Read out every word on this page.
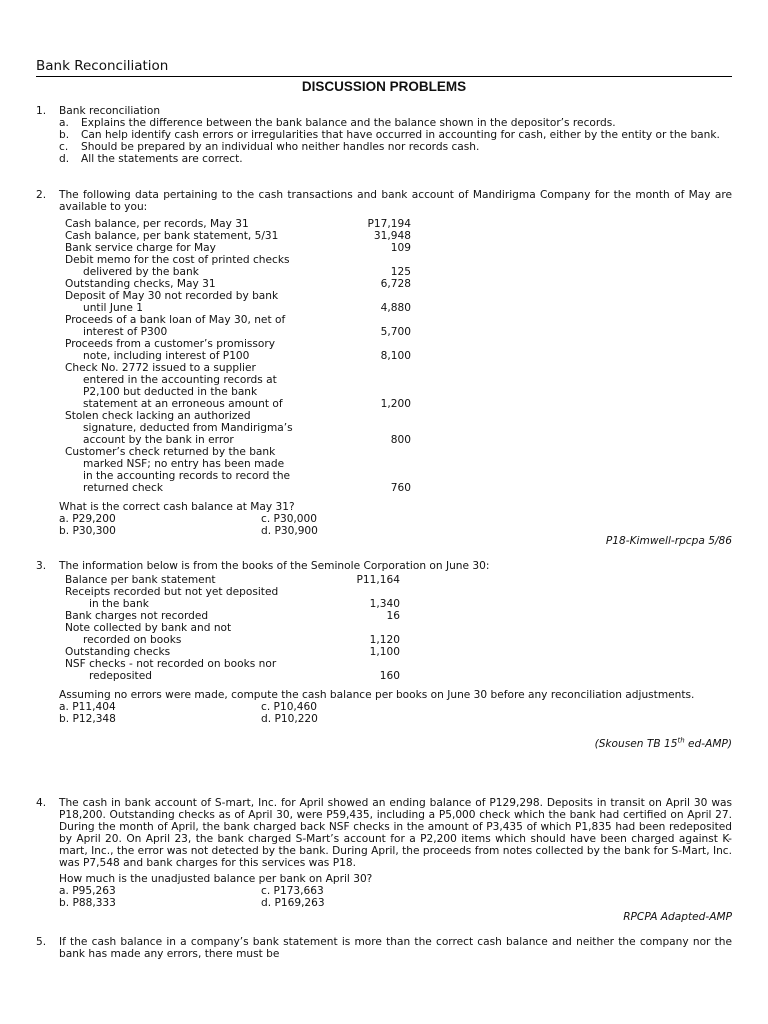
Bank Reconciliation
DISCUSSION PROBLEMS
1. Bank reconciliation
a. Explains the difference between the bank balance and the balance shown in the depositor’s records.
b. Can help identify cash errors or irregularities that have occurred in accounting for cash, either by the entity or the bank.
c. Should be prepared by an individual who neither handles nor records cash.
d. All the statements are correct.
2. The following data pertaining to the cash transactions and bank account of Mandirigma Company for the month of May are available to you:
Cash balance, per records, May 31	P17,194
Cash balance, per bank statement, 5/31	31,948
Bank service charge for May	109
Debit memo for the cost of printed checks
delivered by the bank	125
Outstanding checks, May 31	6,728
Deposit of May 30 not recorded by bank
until June 1	4,880
Proceeds of a bank loan of May 30, net of
interest of P300	5,700
Proceeds from a customer’s promissory
note, including interest of P100	8,100
Check No. 2772 issued to a supplier
entered in the accounting records at
P2,100 but deducted in the bank
statement at an erroneous amount of	1,200
Stolen check lacking an authorized
signature, deducted from Mandirigma’s
account by the bank in error	800
Customer’s check returned by the bank
marked NSF; no entry has been made
in the accounting records to record the
returned check	760
What is the correct cash balance at May 31?
a. P29,200	c. P30,000
b. P30,300	d. P30,900
P18-Kimwell-rpcpa 5/86
3. The information below is from the books of the Seminole Corporation on June 30:
Balance per bank statement	P11,164
Receipts recorded but not yet deposited
in the bank	1,340
Bank charges not recorded	16
Note collected by bank and not
recorded on books	1,120
Outstanding checks	1,100
NSF checks - not recorded on books nor
redeposited	160
Assuming no errors were made, compute the cash balance per books on June 30 before any reconciliation adjustments.
a. P11,404	c. P10,460
b. P12,348	d. P10,220
(Skousen TB 15th ed-AMP)
4. The cash in bank account of S-mart, Inc. for April showed an ending balance of P129,298. Deposits in transit on April 30 was P18,200. Outstanding checks as of April 30, were P59,435, including a P5,000 check which the bank had certified on April 27. During the month of April, the bank charged back NSF checks in the amount of P3,435 of which P1,835 had been redeposited by April 20. On April 23, the bank charged S-Mart’s account for a P2,200 items which should have been charged against K-mart, Inc., the error was not detected by the bank. During April, the proceeds from notes collected by the bank for S-Mart, Inc. was P7,548 and bank charges for this services was P18.
How much is the unadjusted balance per bank on April 30?
a. P95,263	c. P173,663
b. P88,333	d. P169,263
RPCPA Adapted-AMP
5. If the cash balance in a company’s bank statement is more than the correct cash balance and neither the company nor the bank has made any errors, there must be
